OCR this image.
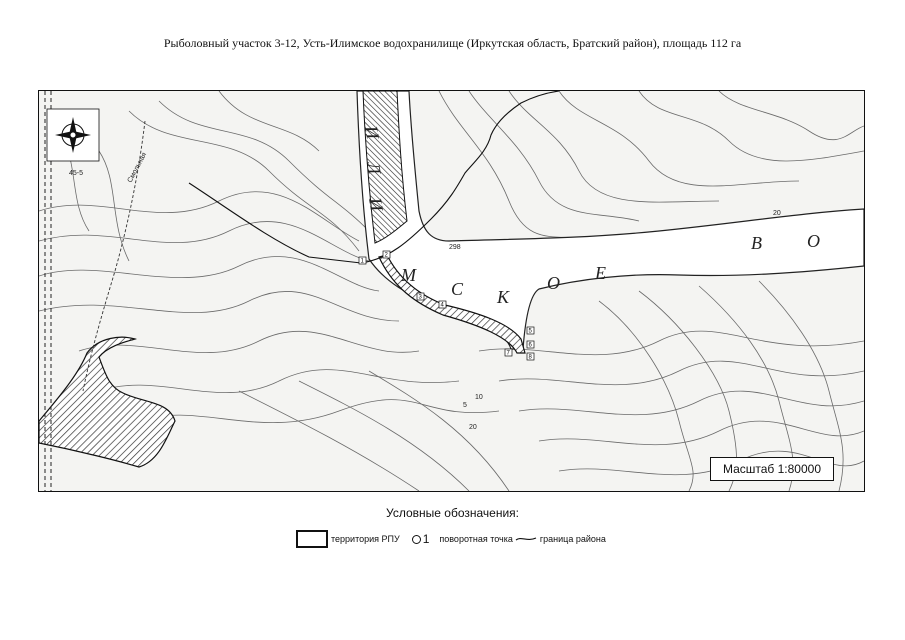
Рыболовный участок 3-12, Усть-Илимское водохранилище (Иркутская область, Братский район), площадь 112 га
И
Л
И
М
С К
О Е
В	О
Смольная
45-5
298
20
5
10
20
1
2
3
4
5
6
7
8
Масштаб 1:80000
Условные обозначения:
территория РПУ 1 поворотная точка	граница района
